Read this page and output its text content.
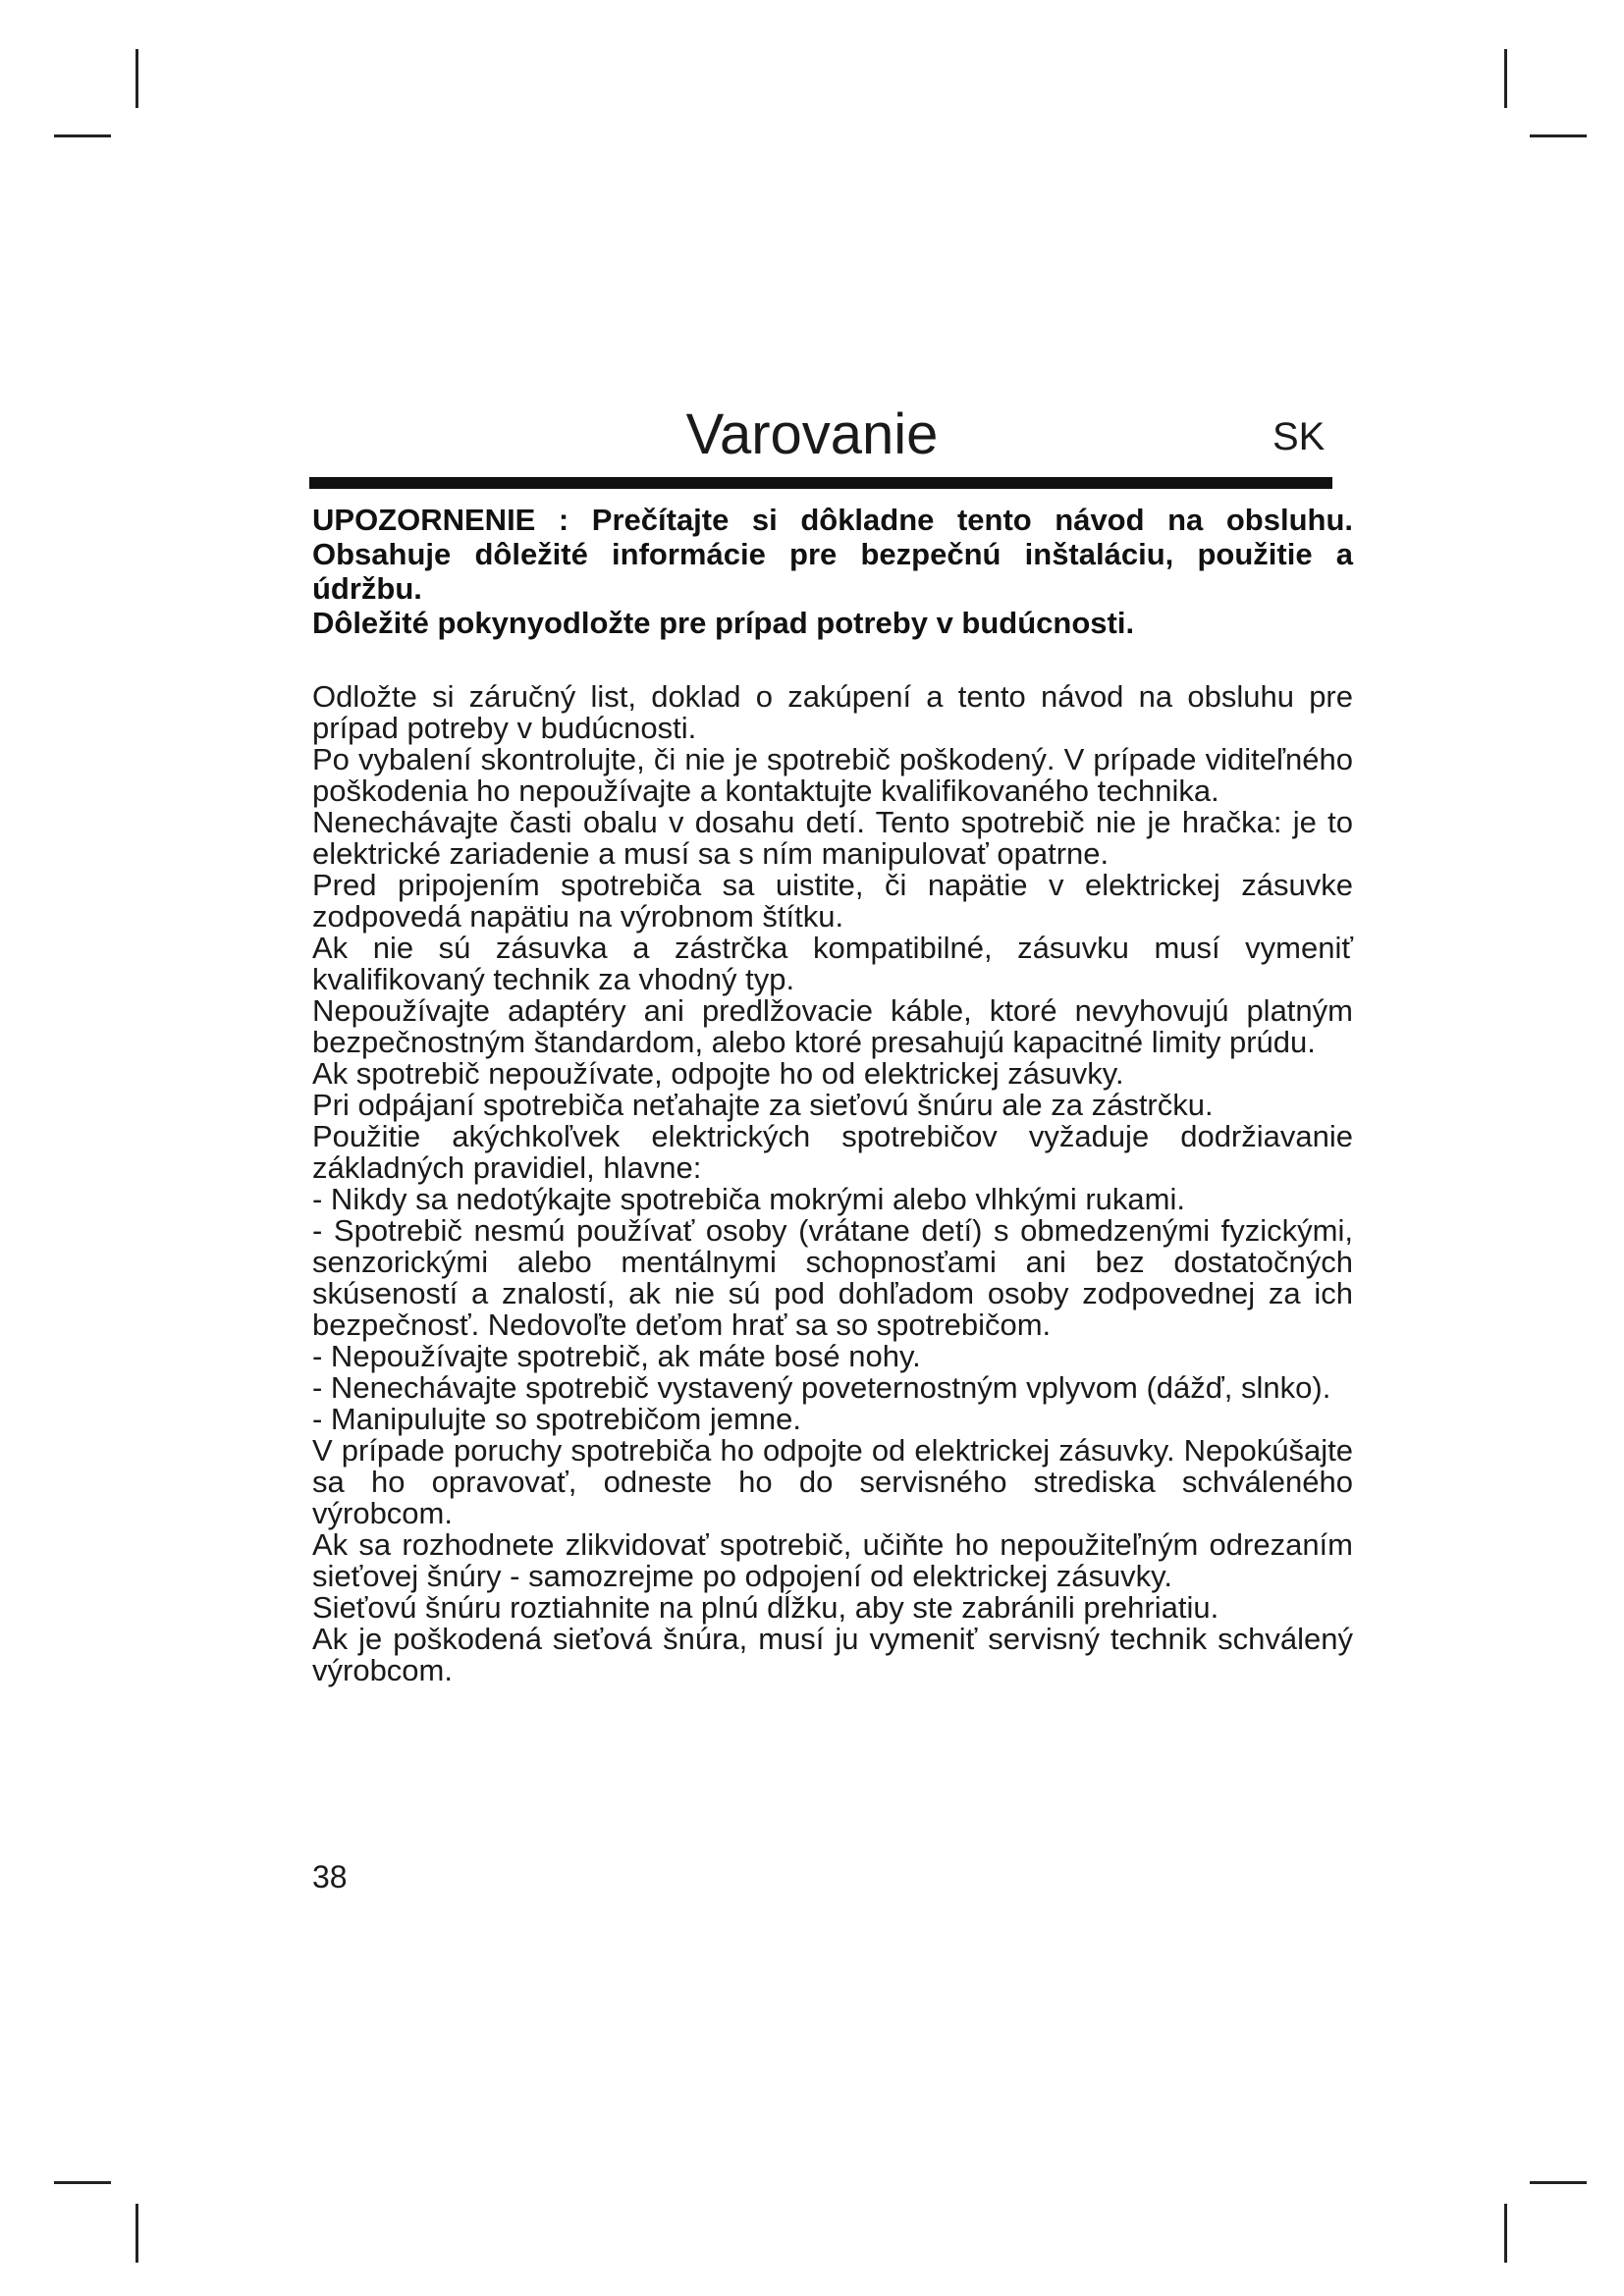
Varovanie	SK

UPOZORNENIE : Prečítajte si dôkladne tento návod na obsluhu. Obsahuje dôležité informácie pre bezpečnú inštaláciu, použitie a údržbu.

Dôležité pokynyodložte pre prípad potreby v budúcnosti.

Odložte si záručný list, doklad o zakúpení a tento návod na obsluhu pre prípad potreby v budúcnosti.

Po vybalení skontrolujte, či nie je spotrebič poškodený. V prípade viditeľného poškodenia ho nepoužívajte a kontaktujte kvalifikovaného technika.

Nenechávajte časti obalu v dosahu detí. Tento spotrebič nie je hračka: je to elektrické zariadenie a musí sa s ním manipulovať opatrne.

Pred pripojením spotrebiča sa uistite, či napätie v elektrickej zásuvke zodpovedá napätiu na výrobnom štítku.

Ak nie sú zásuvka a zástrčka kompatibilné, zásuvku musí vymeniť kvalifikovaný technik za vhodný typ.

Nepoužívajte adaptéry ani predlžovacie káble, ktoré nevyhovujú platným bezpečnostným štandardom, alebo ktoré presahujú kapacitné limity prúdu.

Ak spotrebič nepoužívate, odpojte ho od elektrickej zásuvky.

Pri odpájaní spotrebiča neťahajte za sieťovú šnúru ale za zástrčku.

Použitie akýchkoľvek elektrických spotrebičov vyžaduje dodržiavanie základných pravidiel, hlavne:

- Nikdy sa nedotýkajte spotrebiča mokrými alebo vlhkými rukami.

- Spotrebič nesmú používať osoby (vrátane detí) s obmedzenými fyzickými, senzorickými alebo mentálnymi schopnosťami ani bez dostatočných skúseností a znalostí, ak nie sú pod dohľadom osoby zodpovednej za ich bezpečnosť. Nedovoľte deťom hrať sa so spotrebičom.

- Nepoužívajte spotrebič, ak máte bosé nohy.

- Nenechávajte spotrebič vystavený poveternostným vplyvom (dážď, slnko).

- Manipulujte so spotrebičom jemne.

V prípade poruchy spotrebiča ho odpojte od elektrickej zásuvky. Nepokúšajte sa ho opravovať, odneste ho do servisného strediska schváleného výrobcom.

Ak sa rozhodnete zlikvidovať spotrebič, učiňte ho nepoužiteľným odrezaním sieťovej šnúry - samozrejme po odpojení od elektrickej zásuvky.

Sieťovú šnúru roztiahnite na plnú dĺžku, aby ste zabránili prehriatiu.

Ak je poškodená sieťová šnúra, musí ju vymeniť servisný technik schválený výrobcom.

38
